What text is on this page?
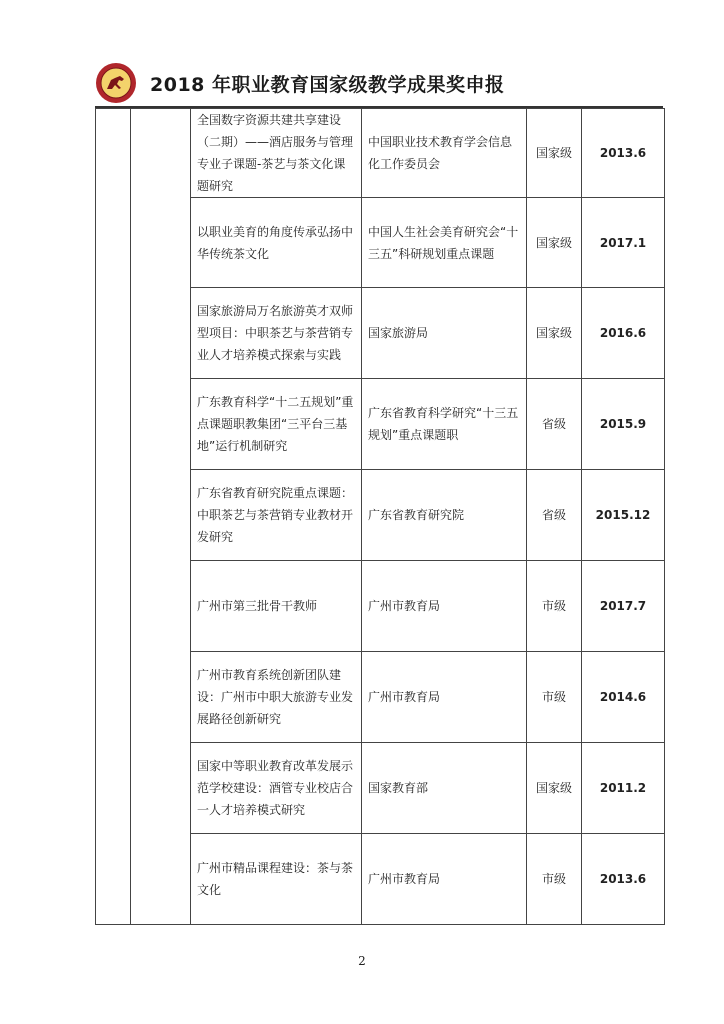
2018 年职业教育国家级教学成果奖申报
		全国数字资源共建共享建设（二期）——酒店服务与管理专业子课题-茶艺与茶文化课题研究	中国职业技术教育学会信息化工作委员会	国家级	2013.6
		以职业美育的角度传承弘扬中华传统茶文化	中国人生社会美育研究会“十三五”科研规划重点课题	国家级	2017.1
		国家旅游局万名旅游英才双师型项目：中职茶艺与茶营销专业人才培养模式探索与实践	国家旅游局	国家级	2016.6
		广东教育科学“十二五规划”重点课题职教集团“三平台三基地”运行机制研究	广东省教育科学研究“十三五规划”重点课题职	省级	2015.9
		广东省教育研究院重点课题：中职茶艺与茶营销专业教材开发研究	广东省教育研究院	省级	2015.12
		广州市第三批骨干教师	广州市教育局	市级	2017.7
		广州市教育系统创新团队建设：广州市中职大旅游专业发展路径创新研究	广州市教育局	市级	2014.6
		国家中等职业教育改革发展示范学校建设：酒管专业校店合一人才培养模式研究	国家教育部	国家级	2011.2
		广州市精品课程建设：茶与茶文化	广州市教育局	市级	2013.6
2
